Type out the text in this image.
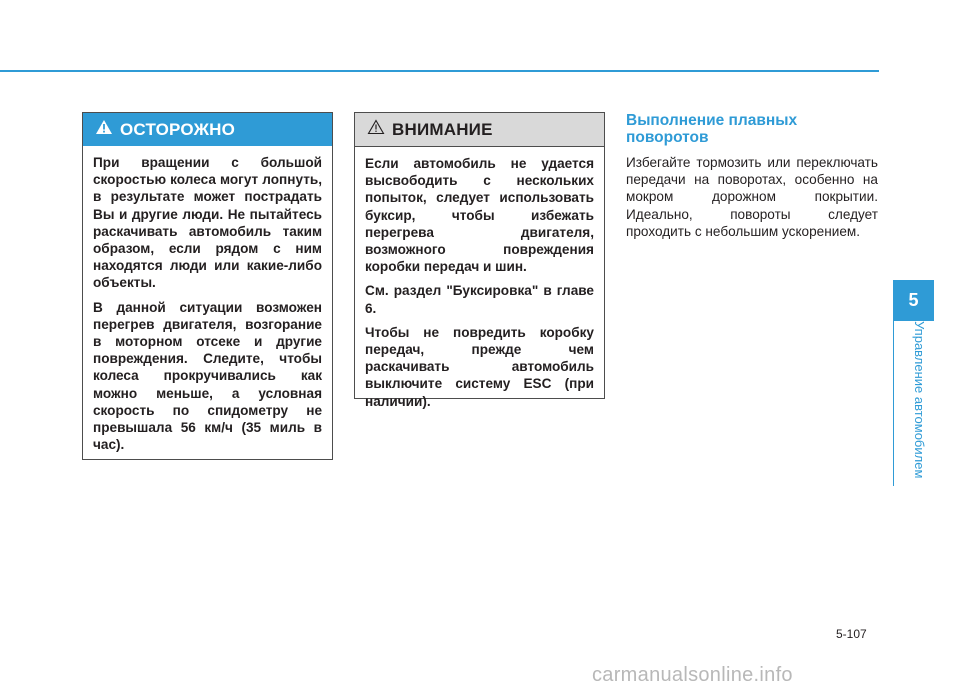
ОСТОРОЖНО

При вращении с большой скоростью колеса могут лопнуть, в результате может пострадать Вы и другие люди. Не пытайтесь раскачивать автомобиль таким образом, если рядом с ним находятся люди или какие-либо объекты.

В данной ситуации возможен перегрев двигателя, возгорание в моторном отсеке и другие повреждения. Следите, чтобы колеса прокручивались как можно меньше, а условная скорость по спидометру не превышала 56 км/ч (35 миль в час).

ВНИМАНИЕ

Если автомобиль не удается высвободить с нескольких попыток, следует использовать буксир, чтобы избежать перегрева двигателя, возможного повреждения коробки передач и шин.

См. раздел "Буксировка" в главе 6.

Чтобы не повредить коробку передач, прежде чем раскачивать автомобиль выключите систему ESC (при наличии).

Выполнение плавных поворотов

Избегайте тормозить или переключать передачи на поворотах, особенно на мокром дорожном покрытии. Идеально, повороты следует проходить с небольшим ускорением.

5
Управление автомобилем
5-107
carmanualsonline.info
